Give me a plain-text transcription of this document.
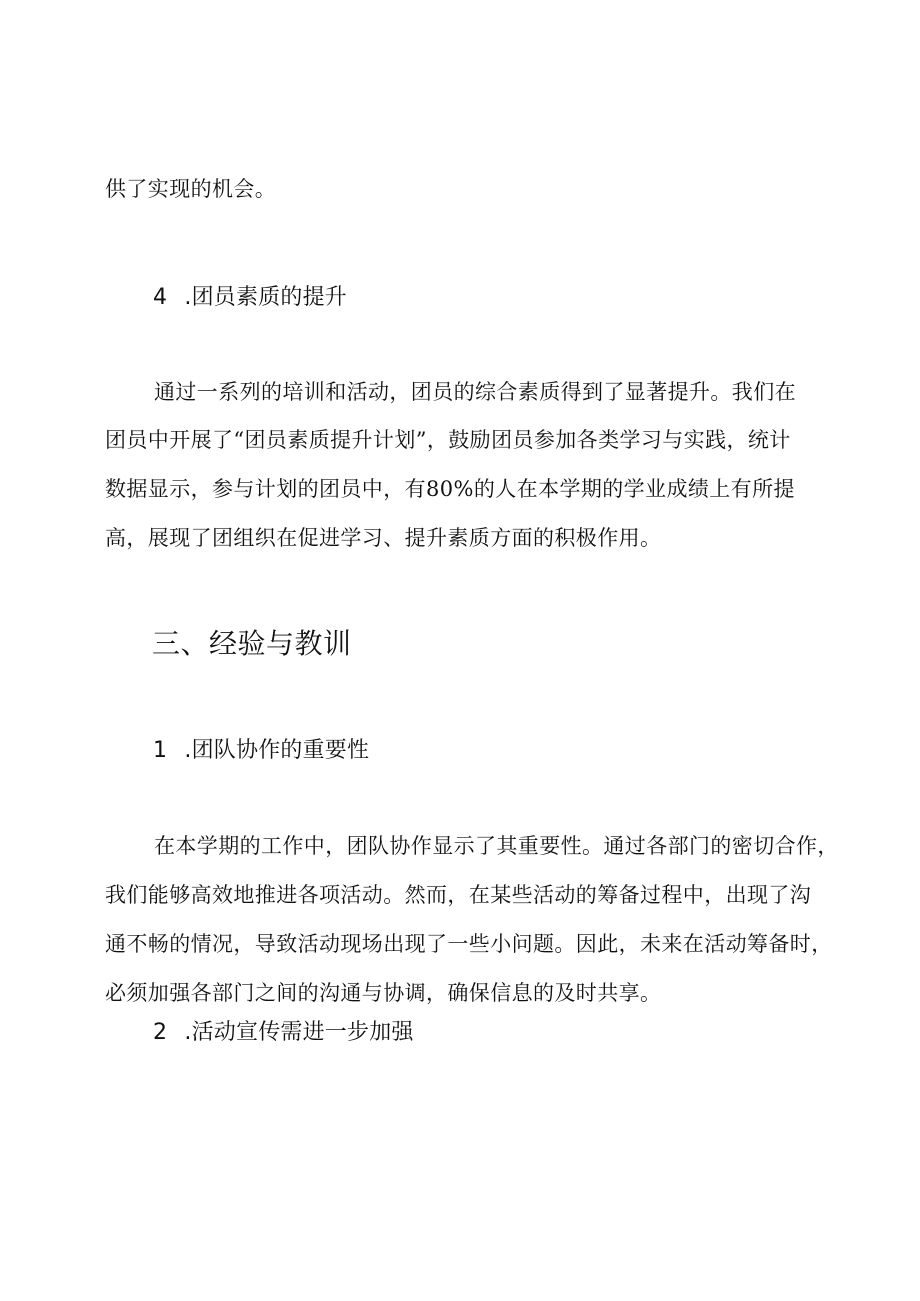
供了实现的机会。
4 .团员素质的提升
通过一系列的培训和活动，团员的综合素质得到了显著提升。我们在
团员中开展了“团员素质提升计划”，鼓励团员参加各类学习与实践，统计
数据显示，参与计划的团员中，有80%的人在本学期的学业成绩上有所提
高，展现了团组织在促进学习、提升素质方面的积极作用。
三、经验与教训
1 .团队协作的重要性
在本学期的工作中，团队协作显示了其重要性。通过各部门的密切合作，
我们能够高效地推进各项活动。然而，在某些活动的筹备过程中，出现了沟
通不畅的情况，导致活动现场出现了一些小问题。因此，未来在活动筹备时，
必须加强各部门之间的沟通与协调，确保信息的及时共享。
2 .活动宣传需进一步加强
